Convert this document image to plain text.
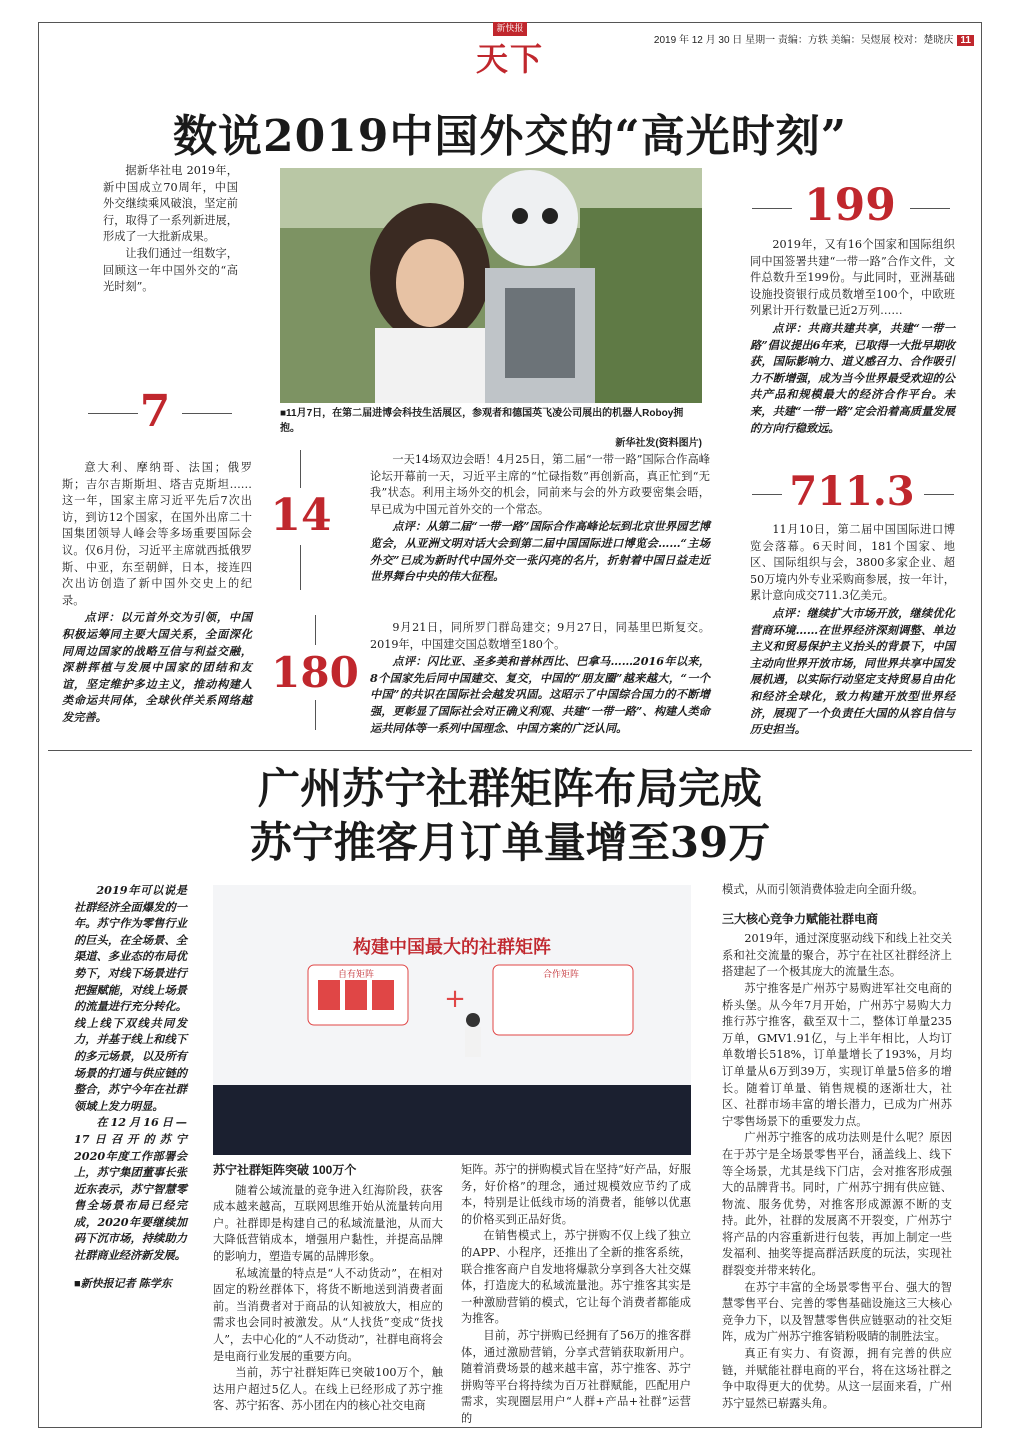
新快报
天下	2019 年 12 月 30 日 星期一 责编：方轶 美编：吴煜展 校对：楚晓庆 11
数说2019中国外交的“高光时刻”

据新华社电 2019年，新中国成立70周年，中国外交继续乘风破浪，坚定前行，取得了一系列新进展，形成了一大批新成果。

让我们通过一组数字，回顾这一年中国外交的“高光时刻”。

■11月7日，在第二届进博会科技生活展区，参观者和德国英飞凌公司展出的机器人Roboy拥抱。
新华社发(资料图片)
199

2019年，又有16个国家和国际组织同中国签署共建“一带一路”合作文件，文件总数升至199份。与此同时，亚洲基础设施投资银行成员数增至100个，中欧班列累计开行数量已近2万列……

点评：共商共建共享，共建“一带一路”倡议提出6年来，已取得一大批早期收获，国际影响力、道义感召力、合作吸引力不断增强，成为当今世界最受欢迎的公共产品和规模最大的经济合作平台。未来，共建“一带一路”定会沿着高质量发展的方向行稳致远。

7

意大利、摩纳哥、法国；俄罗斯；吉尔吉斯斯坦、塔吉克斯坦……这一年，国家主席习近平先后7次出访，到访12个国家，在国外出席二十国集团领导人峰会等多场重要国际会议。仅6月份，习近平主席就西抵俄罗斯、中亚，东至朝鲜，日本，接连四次出访创造了新中国外交史上的纪录。

点评：以元首外交为引领，中国积极运筹同主要大国关系，全面深化同周边国家的战略互信与利益交融，深耕挥植与发展中国家的团结和友谊，坚定维护多边主义，推动构建人类命运共同体，全球伙伴关系网络越发完善。

14

一天14场双边会晤！4月25日，第二届“一带一路”国际合作高峰论坛开幕前一天，习近平主席的“忙碌指数”再创新高，真正忙到“无我”状态。利用主场外交的机会，同前来与会的外方政要密集会晤，早已成为中国元首外交的一个常态。

点评：从第二届“一带一路”国际合作高峰论坛到北京世界园艺博览会，从亚洲文明对话大会到第二届中国国际进口博览会……“主场外交”已成为新时代中国外交一张闪亮的名片，折射着中国日益走近世界舞台中央的伟大征程。

180

9月21日，同所罗门群岛建交；9月27日，同基里巴斯复交。2019年，中国建交国总数增至180个。

点评：闪比亚、圣多美和普林西比、巴拿马……2016年以来，8个国家先后同中国建交、复交，中国的“朋友圈”越来越大，“一个中国”的共识在国际社会越发巩固。这昭示了中国综合国力的不断增强，更彰显了国际社会对正确义利观、共建“一带一路”、构建人类命运共同体等一系列中国理念、中国方案的广泛认同。

711.3

11月10日，第二届中国国际进口博览会落幕。6天时间，181个国家、地区、国际组织与会，3800多家企业、超50万境内外专业采购商参展，按一年计，累计意向成交711.3亿美元。

点评：继续扩大市场开放，继续优化营商环境……在世界经济深刻调整、单边主义和贸易保护主义抬头的背景下，中国主动向世界开放市场，同世界共享中国发展机遇，以实际行动坚定支持贸易自由化和经济全球化，致力构建开放型世界经济，展现了一个负责任大国的从容自信与历史担当。

广州苏宁社群矩阵布局完成
苏宁推客月订单量增至39万

2019年可以说是社群经济全面爆发的一年。苏宁作为零售行业的巨头，在全场景、全渠道、多业态的布局优势下，对线下场景进行把握赋能，对线上场景的流量进行充分转化。线上线下双线共同发力，并基于线上和线下的多元场景，以及所有场景的打通与供应链的整合，苏宁今年在社群领域上发力明显。

在12月16日—17日召开的苏宁2020年度工作部署会上，苏宁集团董事长张近东表示，苏宁智慧零售全场景布局已经完成，2020年要继续加码下沉市场，持续助力社群商业经济新发展。

■新快报记者 陈学东
+
构建中国最大的社群矩阵
自有矩阵	合作矩阵
苏宁社群矩阵突破 100万个

随着公域流量的竞争进入红海阶段，获客成本越来越高，互联网思维开始从流量转向用户。社群即是构建自己的私域流量池，从而大大降低营销成本，增强用户黏性，并提高品牌的影响力，塑造专属的品牌形象。

私域流量的特点是“人不动货动”，在相对固定的粉丝群体下，将货不断地送到消费者面前。当消费者对于商品的认知被放大，相应的需求也会同时被激发。从“人找货”变成“货找人”，去中心化的“人不动货动”，社群电商将会是电商行业发展的重要方向。

当前，苏宁社群矩阵已突破100万个，触达用户超过5亿人。在线上已经形成了苏宁推客、苏宁拓客、苏小团在内的核心社交电商

矩阵。苏宁的拼购模式旨在坚持“好产品，好服务，好价格”的理念，通过规模效应节约了成本，特别是让低线市场的消费者，能够以优惠的价格买到正品好货。

在销售模式上，苏宁拼购不仅上线了独立的APP、小程序，还推出了全新的推客系统，联合推客商户自发地将爆款分享到各大社交媒体，打造庞大的私域流量池。苏宁推客其实是一种激励营销的模式，它让每个消费者都能成为推客。

目前，苏宁拼购已经拥有了56万的推客群体，通过激励营销，分享式营销获取新用户。随着消费场景的越来越丰富，苏宁推客、苏宁拼购等平台将持续为百万社群赋能，匹配用户需求，实现圈层用户“人群+产品+社群”运营的

模式，从而引领消费体验走向全面升级。

三大核心竞争力赋能社群电商

2019年，通过深度驱动线下和线上社交关系和社交流量的聚合，苏宁在社区社群经济上搭建起了一个极其庞大的流量生态。

苏宁推客是广州苏宁易购进军社交电商的桥头堡。从今年7月开始，广州苏宁易购大力推行苏宁推客，截至双十二，整体订单量235万单，GMV1.91亿，与上半年相比，人均订单数增长518%，订单量增长了193%，月均订单量从6万到39万，实现订单量5倍多的增长。随着订单量、销售规模的逐渐壮大，社区、社群市场丰富的增长潜力，已成为广州苏宁零售场景下的重要发力点。

广州苏宁推客的成功法则是什么呢？原因在于苏宁是全场景零售平台，涵盖线上、线下等全场景，尤其是线下门店，会对推客形成强大的品牌背书。同时，广州苏宁拥有供应链、物流、服务优势，对推客形成源源不断的支持。此外，社群的发展离不开裂变，广州苏宁将产品的内容重新进行包装，再加上制定一些发福利、抽奖等提高群活跃度的玩法，实现社群裂变并带来转化。

在苏宁丰富的全场景零售平台、强大的智慧零售平台、完善的零售基础设施这三大核心竞争力下，以及智慧零售供应链驱动的社交矩阵，成为广州苏宁推客销粉吸睛的制胜法宝。

真正有实力、有资源，拥有完善的供应链，并赋能社群电商的平台，将在这场社群之争中取得更大的优势。从这一层面来看，广州苏宁显然已崭露头角。
